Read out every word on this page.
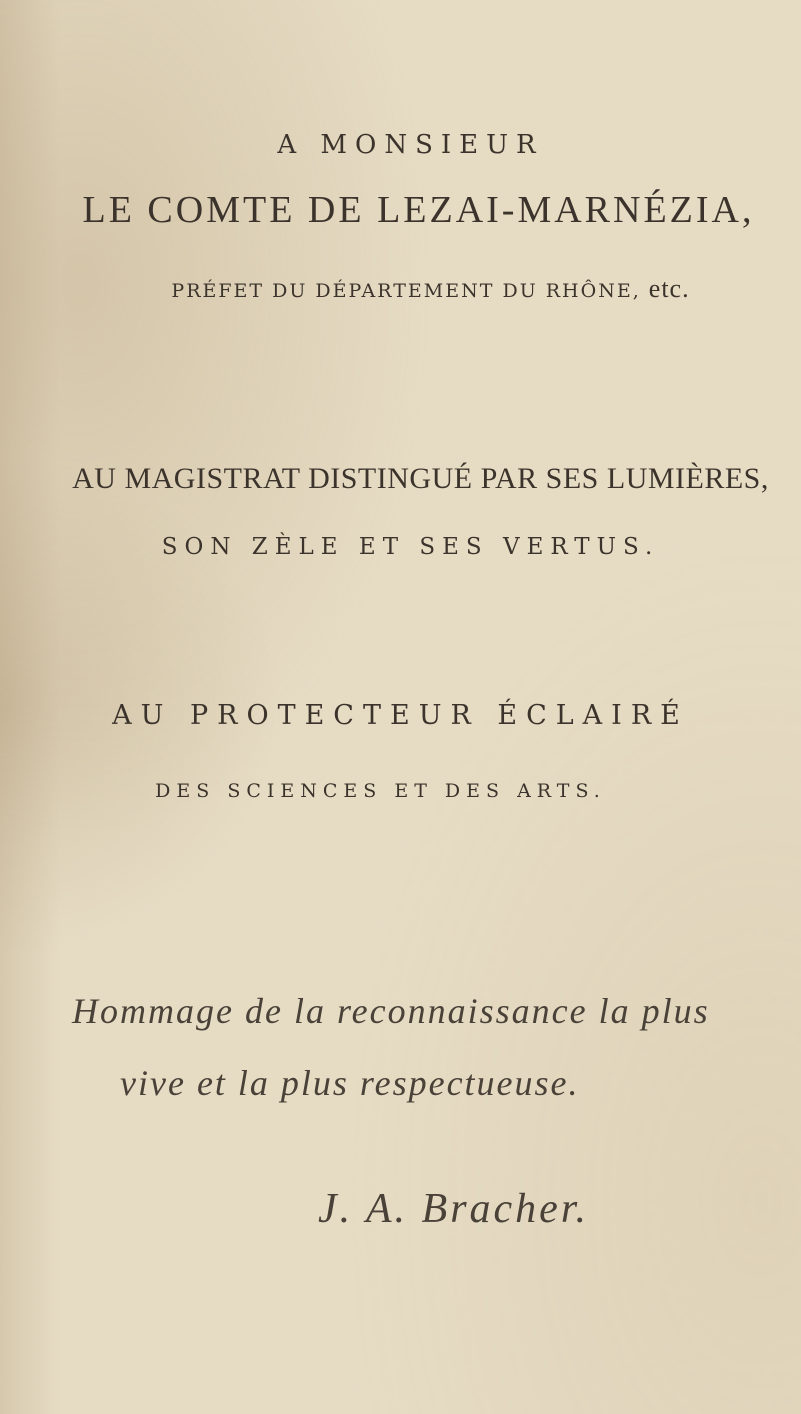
A MONSIEUR
LE COMTE DE LEZAI-MARNÉZIA,
PRÉFET DU DÉPARTEMENT DU RHÔNE, etc.
AU MAGISTRAT DISTINGUÉ PAR SES LUMIÈRES,
SON ZÈLE ET SES VERTUS.
AU PROTECTEUR ÉCLAIRÉ
DES SCIENCES ET DES ARTS.
Hommage de la reconnaissance la plus
vive et la plus respectueuse.
J. A. Bracher.
